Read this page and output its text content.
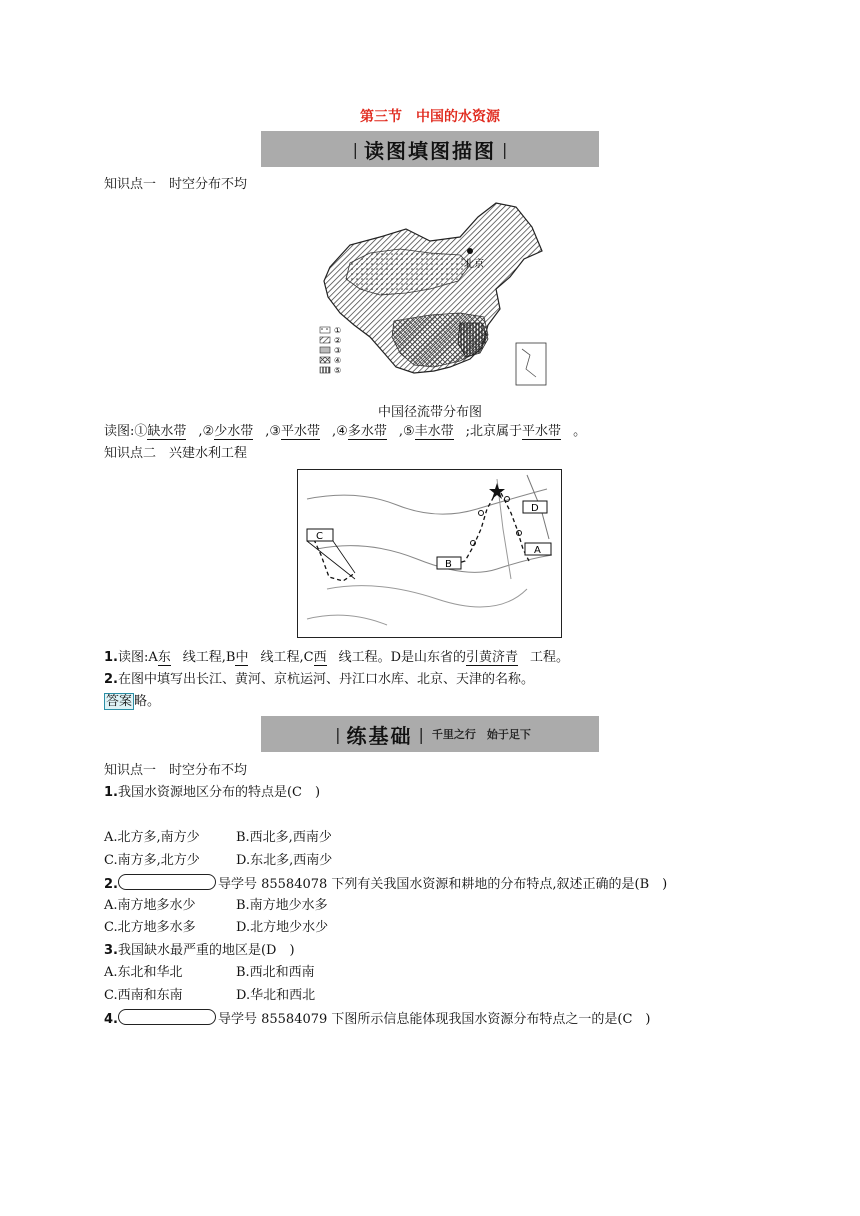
第三节　中国的水资源
| 读图填图描图 |
知识点一　时空分布不均
北京
①
②
③
④
⑤
中国径流带分布图
读图:①缺水带 ,②少水带 ,③平水带 ,④多水带 ,⑤丰水带 ;北京属于平水带 。
知识点二　兴建水利工程
C
B
D
A
1.读图:A东 线工程,B中 线工程,C西 线工程。D是山东省的引黄济青 工程。
2.在图中填写出长江、黄河、京杭运河、丹江口水库、北京、天津的名称。
答案 略。
| 练基础 | 千里之行　始于足下
知识点一　时空分布不均
1.我国水资源地区分布的特点是(C　)
A.北方多,南方少	B.西北多,西南少
C.南方多,北方少	D.东北多,西南少
2.	导学号 85584078 下列有关我国水资源和耕地的分布特点,叙述正确的是(B　)
A.南方地多水少	B.南方地少水多
C.北方地多水多	D.北方地少水少
3.我国缺水最严重的地区是(D　)
A.东北和华北	B.西北和西南
C.西南和东南	D.华北和西北
4.	导学号 85584079 下图所示信息能体现我国水资源分布特点之一的是(C　)
